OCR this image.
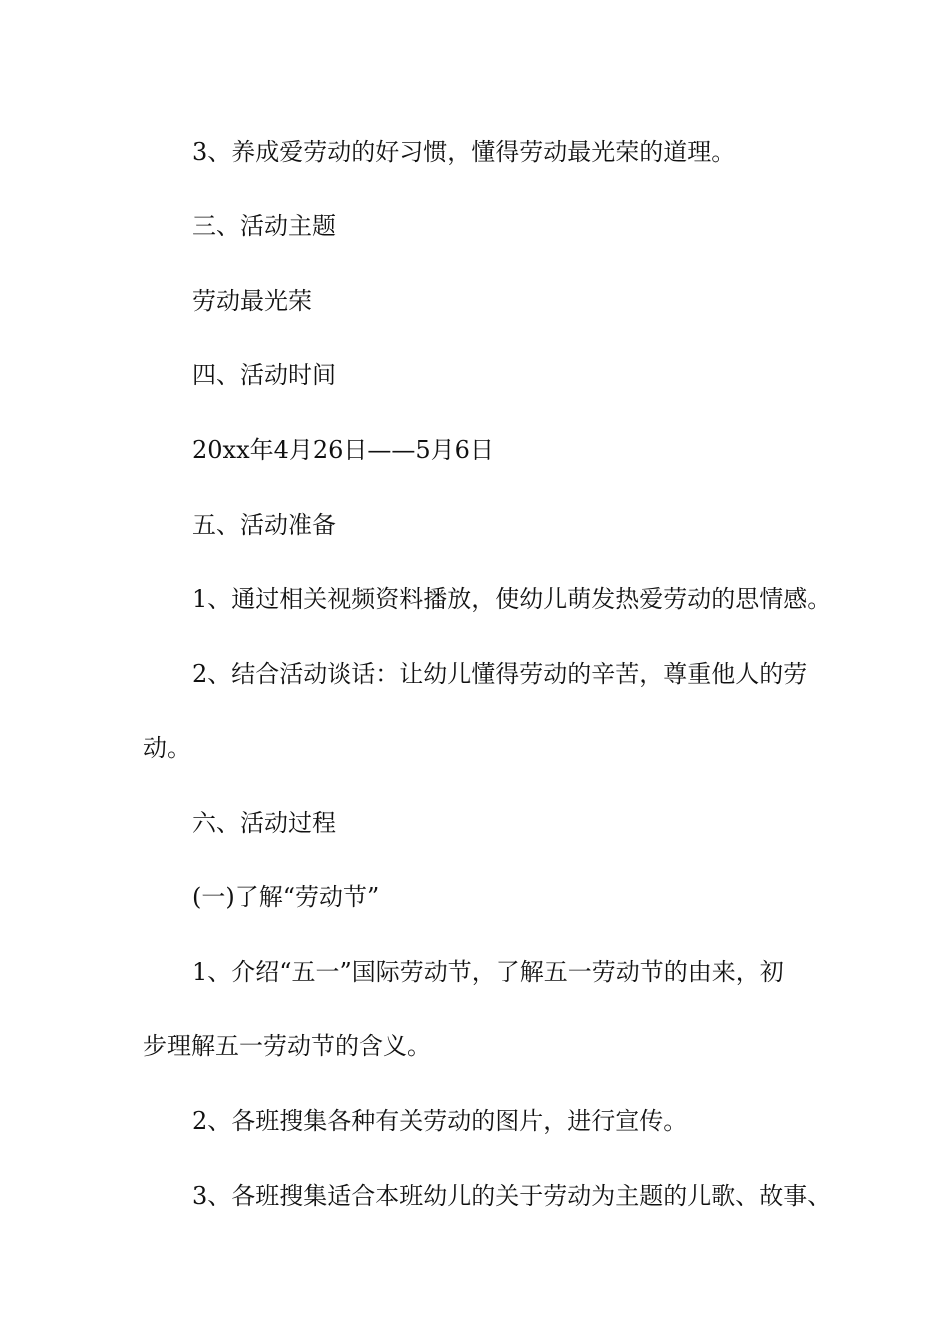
3、养成爱劳动的好习惯，懂得劳动最光荣的道理。

三、活动主题

劳动最光荣

四、活动时间

20xx年4月26日——5月6日

五、活动准备

1、通过相关视频资料播放，使幼儿萌发热爱劳动的思情感。

2、结合活动谈话：让幼儿懂得劳动的辛苦，尊重他人的劳

动。

六、活动过程

(一)了解“劳动节”

1、介绍“五一”国际劳动节，了解五一劳动节的由来，初

步理解五一劳动节的含义。

2、各班搜集各种有关劳动的图片，进行宣传。

3、各班搜集适合本班幼儿的关于劳动为主题的儿歌、故事、
